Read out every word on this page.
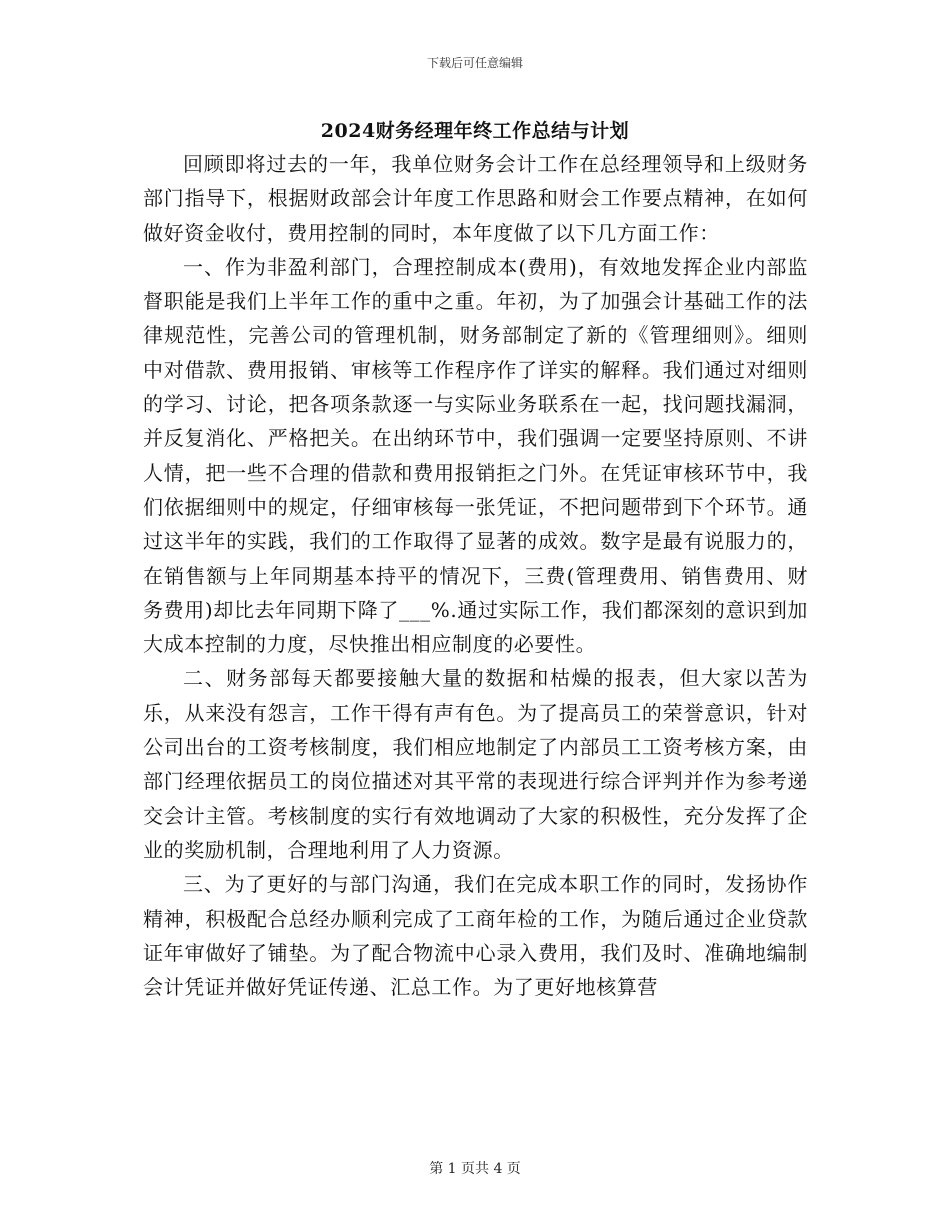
下载后可任意编辑
2024财务经理年终工作总结与计划

回顾即将过去的一年，我单位财务会计工作在总经理领导和上级财务部门指导下，根据财政部会计年度工作思路和财会工作要点精神，在如何做好资金收付，费用控制的同时，本年度做了以下几方面工作：

一、作为非盈利部门，合理控制成本(费用)，有效地发挥企业内部监督职能是我们上半年工作的重中之重。年初，为了加强会计基础工作的法律规范性，完善公司的管理机制，财务部制定了新的《管理细则》。细则中对借款、费用报销、审核等工作程序作了详实的解释。我们通过对细则的学习、讨论，把各项条款逐一与实际业务联系在一起，找问题找漏洞，并反复消化、严格把关。在出纳环节中，我们强调一定要坚持原则、不讲人情，把一些不合理的借款和费用报销拒之门外。在凭证审核环节中，我们依据细则中的规定，仔细审核每一张凭证，不把问题带到下个环节。通过这半年的实践，我们的工作取得了显著的成效。数字是最有说服力的，在销售额与上年同期基本持平的情况下，三费(管理费用、销售费用、财务费用)却比去年同期下降了___%.通过实际工作，我们都深刻的意识到加大成本控制的力度，尽快推出相应制度的必要性。

二、财务部每天都要接触大量的数据和枯燥的报表，但大家以苦为乐，从来没有怨言，工作干得有声有色。为了提高员工的荣誉意识，针对公司出台的工资考核制度，我们相应地制定了内部员工工资考核方案，由部门经理依据员工的岗位描述对其平常的表现进行综合评判并作为参考递交会计主管。考核制度的实行有效地调动了大家的积极性，充分发挥了企业的奖励机制，合理地利用了人力资源。

三、为了更好的与部门沟通，我们在完成本职工作的同时，发扬协作精神，积极配合总经办顺利完成了工商年检的工作，为随后通过企业贷款证年审做好了铺垫。为了配合物流中心录入费用，我们及时、准确地编制会计凭证并做好凭证传递、汇总工作。为了更好地核算营

第 1 页共 4 页
